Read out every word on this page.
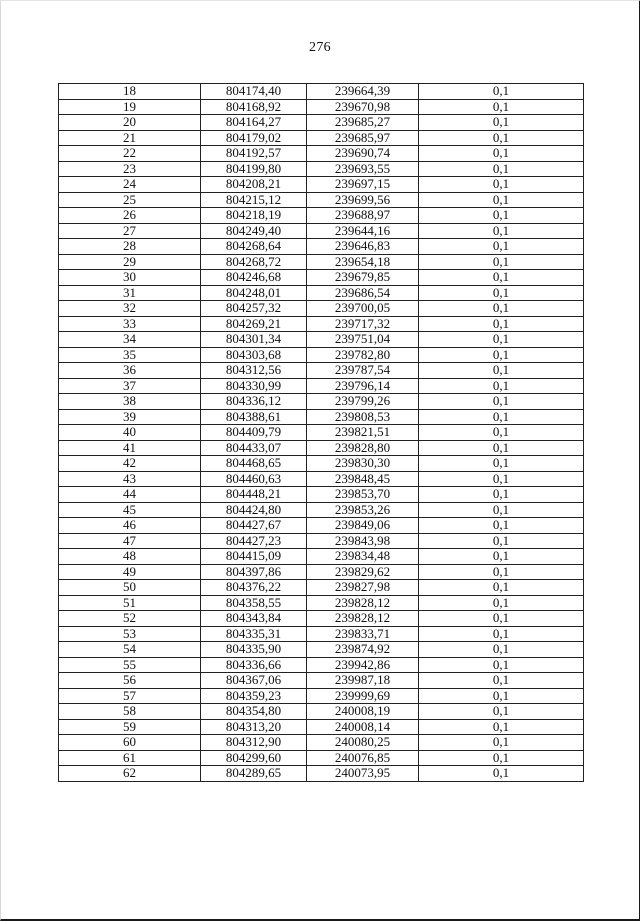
276
18	804174,40	239664,39	0,1
19	804168,92	239670,98	0,1
20	804164,27	239685,27	0,1
21	804179,02	239685,97	0,1
22	804192,57	239690,74	0,1
23	804199,80	239693,55	0,1
24	804208,21	239697,15	0,1
25	804215,12	239699,56	0,1
26	804218,19	239688,97	0,1
27	804249,40	239644,16	0,1
28	804268,64	239646,83	0,1
29	804268,72	239654,18	0,1
30	804246,68	239679,85	0,1
31	804248,01	239686,54	0,1
32	804257,32	239700,05	0,1
33	804269,21	239717,32	0,1
34	804301,34	239751,04	0,1
35	804303,68	239782,80	0,1
36	804312,56	239787,54	0,1
37	804330,99	239796,14	0,1
38	804336,12	239799,26	0,1
39	804388,61	239808,53	0,1
40	804409,79	239821,51	0,1
41	804433,07	239828,80	0,1
42	804468,65	239830,30	0,1
43	804460,63	239848,45	0,1
44	804448,21	239853,70	0,1
45	804424,80	239853,26	0,1
46	804427,67	239849,06	0,1
47	804427,23	239843,98	0,1
48	804415,09	239834,48	0,1
49	804397,86	239829,62	0,1
50	804376,22	239827,98	0,1
51	804358,55	239828,12	0,1
52	804343,84	239828,12	0,1
53	804335,31	239833,71	0,1
54	804335,90	239874,92	0,1
55	804336,66	239942,86	0,1
56	804367,06	239987,18	0,1
57	804359,23	239999,69	0,1
58	804354,80	240008,19	0,1
59	804313,20	240008,14	0,1
60	804312,90	240080,25	0,1
61	804299,60	240076,85	0,1
62	804289,65	240073,95	0,1
